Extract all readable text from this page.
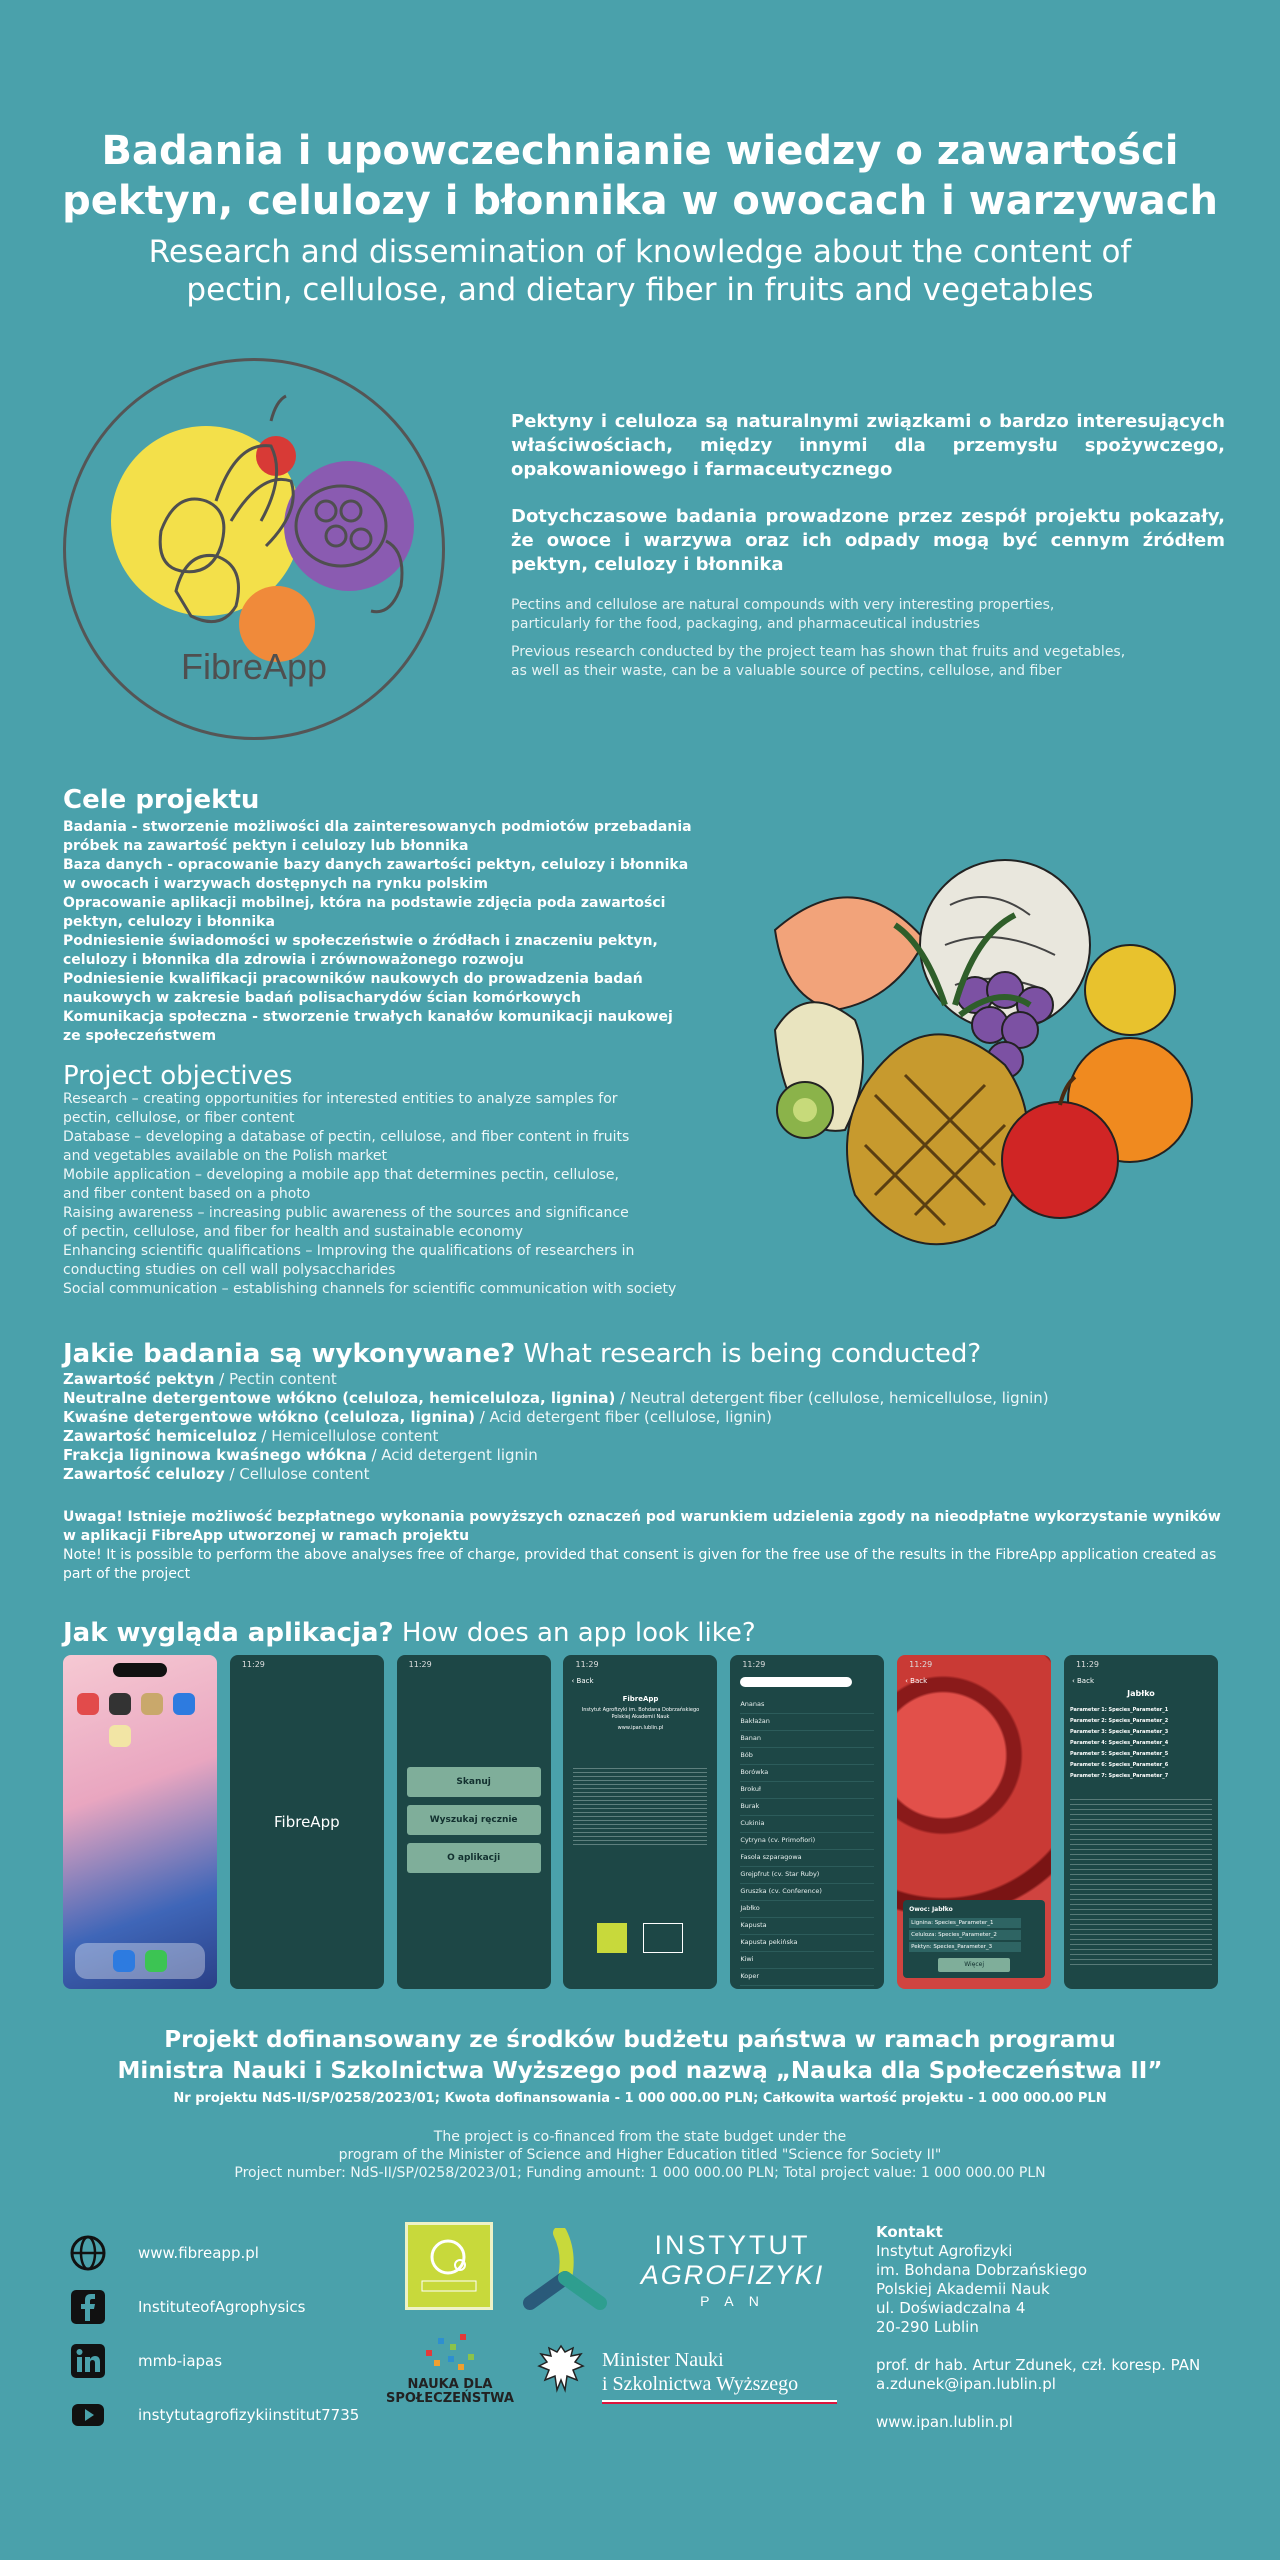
Badania i upowczechnianie wiedzy o zawartości
pektyn, celulozy i błonnika w owocach i warzywach
Research and dissemination of knowledge about the content of
pectin, cellulose, and dietary fiber in fruits and vegetables
FibreApp
Pektyny i celuloza są naturalnymi związkami o bardzo interesujących właściwościach, między innymi dla przemysłu spożywczego, opakowaniowego i farmaceutycznego
Dotychczasowe badania prowadzone przez zespół projektu pokazały, że owoce i warzywa oraz ich odpady mogą być cennym źródłem pektyn, celulozy i błonnika
Pectins and cellulose are natural compounds with very interesting properties,
particularly for the food, packaging, and pharmaceutical industries
Previous research conducted by the project team has shown that fruits and vegetables,
as well as their waste, can be a valuable source of pectins, cellulose, and fiber
Cele projektu
Badania - stworzenie możliwości dla zainteresowanych podmiotów przebadania
próbek na zawartość pektyn i celulozy lub błonnika
Baza danych - opracowanie bazy danych zawartości pektyn, celulozy i błonnika
w owocach i warzywach dostępnych na rynku polskim
Opracowanie aplikacji mobilnej, która na podstawie zdjęcia poda zawartości
pektyn, celulozy i błonnika
Podniesienie świadomości w społeczeństwie o źródłach i znaczeniu pektyn,
celulozy i błonnika dla zdrowia i zrównoważonego rozwoju
Podniesienie kwalifikacji pracowników naukowych do prowadzenia badań
naukowych w zakresie badań polisacharydów ścian komórkowych
Komunikacja społeczna - stworzenie trwałych kanałów komunikacji naukowej
ze społeczeństwem
Project objectives
Research – creating opportunities for interested entities to analyze samples for
pectin, cellulose, or fiber content
Database – developing a database of pectin, cellulose, and fiber content in fruits
and vegetables available on the Polish market
Mobile application – developing a mobile app that determines pectin, cellulose,
and fiber content based on a photo
Raising awareness – increasing public awareness of the sources and significance
of pectin, cellulose, and fiber for health and sustainable economy
Enhancing scientific qualifications – Improving the qualifications of researchers in
conducting studies on cell wall polysaccharides
Social communication – establishing channels for scientific communication with society
Jakie badania są wykonywane? What research is being conducted?
Zawartość pektyn / Pectin content
Neutralne detergentowe włókno (celuloza, hemiceluloza, lignina) / Neutral detergent fiber (cellulose, hemicellulose, lignin)
Kwaśne detergentowe włókno (celuloza, lignina) / Acid detergent fiber (cellulose, lignin)
Zawartość hemiceluloz / Hemicellulose content
Frakcja ligninowa kwaśnego włókna / Acid detergent lignin
Zawartość celulozy / Cellulose content
Uwaga! Istnieje możliwość bezpłatnego wykonania powyższych oznaczeń pod warunkiem udzielenia zgody na nieodpłatne wykorzystanie wyników w aplikacji FibreApp utworzonej w ramach projektu
Note! It is possible to perform the above analyses free of charge, provided that consent is given for the free use of the results in the FibreApp application created as part of the project
Jak wygląda aplikacja? How does an app look like?
11:29
FibreApp
11:29
Skanuj
Wyszukaj ręcznie
O aplikacji
11:29
‹ Back
FibreApp
Instytut Agrofizyki im. Bohdana Dobrzańskiego Polskiej Akademii Nauk
www.ipan.lublin.pl
11:29
Ananas
Bakłażan
Banan
Bób
Borówka
Brokuł
Burak
Cukinia
Cytryna (cv. Primofiori)
Fasola szparagowa
Grejpfrut (cv. Star Ruby)
Gruszka (cv. Conference)
Jabłko
Kapusta
Kapusta pekińska
Kiwi
Koper
11:29
‹ Back
Owoc: Jabłko
Lignina: Species_Parameter_1
Celuloza: Species_Parameter_2
Pektyn: Species_Parameter_3
Więcej
11:29
‹ Back
Jabłko
Parameter 1: Species_Parameter_1
Parameter 2: Species_Parameter_2
Parameter 3: Species_Parameter_3
Parameter 4: Species_Parameter_4
Parameter 5: Species_Parameter_5
Parameter 6: Species_Parameter_6
Parameter 7: Species_Parameter_7
Projekt dofinansowany ze środków budżetu państwa w ramach programu
Ministra Nauki i Szkolnictwa Wyższego pod nazwą „Nauka dla Społeczeństwa II”
Nr projektu NdS-II/SP/0258/2023/01; Kwota dofinansowania - 1 000 000.00 PLN; Całkowita wartość projektu - 1 000 000.00 PLN
The project is co-financed from the state budget under the
program of the Minister of Science and Higher Education titled "Science for Society II"
Project number: NdS-II/SP/0258/2023/01; Funding amount: 1 000 000.00 PLN; Total project value: 1 000 000.00 PLN
www.fibreapp.pl
InstituteofAgrophysics
mmb-iapas
instytutagrofizykiinstitut7735
INSTYTUT
AGROFIZYKI
P A N
NAUKA DLA
SPOŁECZEŃSTWA
Minister Nauki
i Szkolnictwa Wyższego
Kontakt
Instytut Agrofizyki
im. Bohdana Dobrzańskiego
Polskiej Akademii Nauk
ul. Doświadczalna 4
20-290 Lublin
prof. dr hab. Artur Zdunek, czł. koresp. PAN
a.zdunek@ipan.lublin.pl
www.ipan.lublin.pl
